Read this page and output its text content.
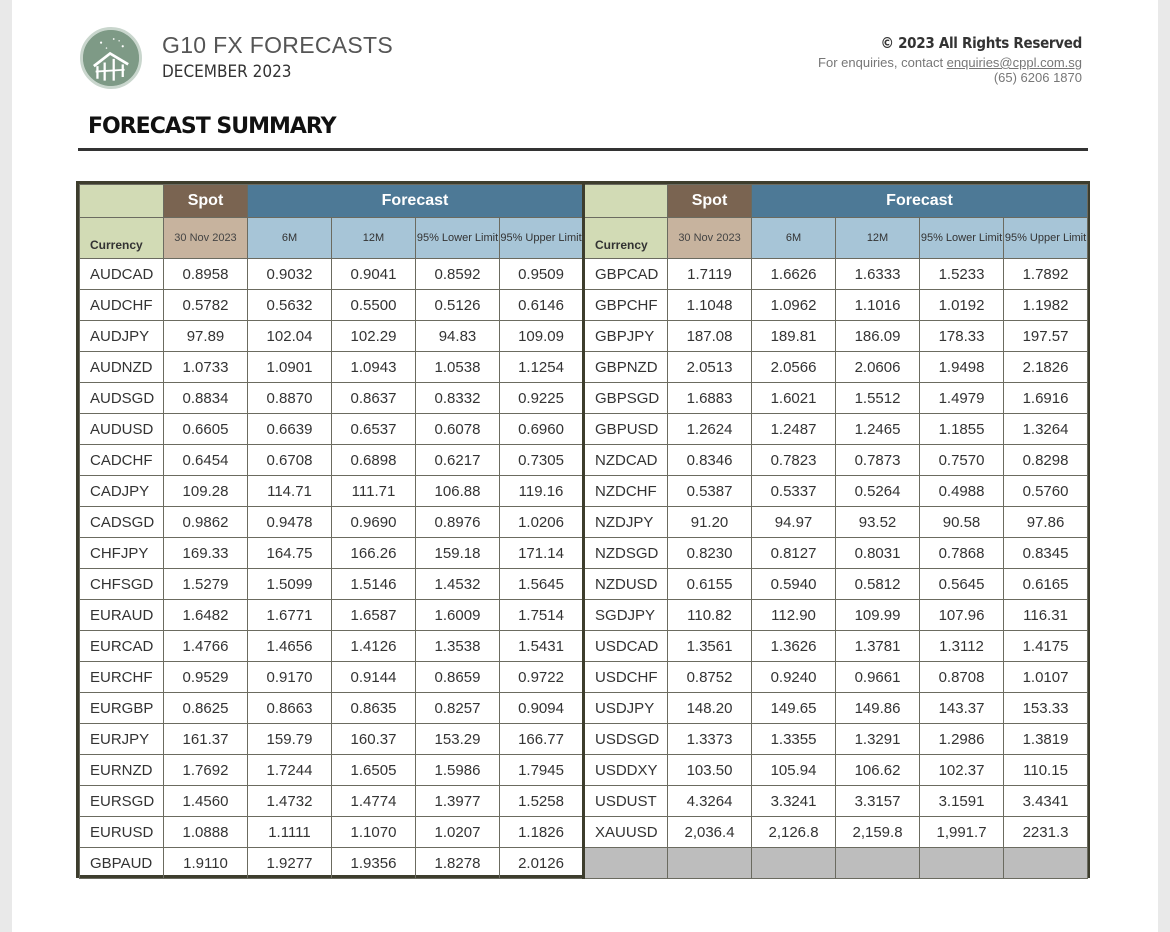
G10 FX FORECASTS
DECEMBER 2023
© 2023 All Rights Reserved
For enquiries, contact enquiries@cppl.com.sg
(65) 6206 1870
FORECAST SUMMARY
	Spot	Forecast					Spot	Forecast			
Currency	30 Nov 2023	6M	12M	95% Lower Limit	95% Upper Limit	Currency	30 Nov 2023	6M	12M	95% Lower Limit	95% Upper Limit
AUDCAD	0.8958	0.9032	0.9041	0.8592	0.9509	GBPCAD	1.7119	1.6626	1.6333	1.5233	1.7892
AUDCHF	0.5782	0.5632	0.5500	0.5126	0.6146	GBPCHF	1.1048	1.0962	1.1016	1.0192	1.1982
AUDJPY	97.89	102.04	102.29	94.83	109.09	GBPJPY	187.08	189.81	186.09	178.33	197.57
AUDNZD	1.0733	1.0901	1.0943	1.0538	1.1254	GBPNZD	2.0513	2.0566	2.0606	1.9498	2.1826
AUDSGD	0.8834	0.8870	0.8637	0.8332	0.9225	GBPSGD	1.6883	1.6021	1.5512	1.4979	1.6916
AUDUSD	0.6605	0.6639	0.6537	0.6078	0.6960	GBPUSD	1.2624	1.2487	1.2465	1.1855	1.3264
CADCHF	0.6454	0.6708	0.6898	0.6217	0.7305	NZDCAD	0.8346	0.7823	0.7873	0.7570	0.8298
CADJPY	109.28	114.71	111.71	106.88	119.16	NZDCHF	0.5387	0.5337	0.5264	0.4988	0.5760
CADSGD	0.9862	0.9478	0.9690	0.8976	1.0206	NZDJPY	91.20	94.97	93.52	90.58	97.86
CHFJPY	169.33	164.75	166.26	159.18	171.14	NZDSGD	0.8230	0.8127	0.8031	0.7868	0.8345
CHFSGD	1.5279	1.5099	1.5146	1.4532	1.5645	NZDUSD	0.6155	0.5940	0.5812	0.5645	0.6165
EURAUD	1.6482	1.6771	1.6587	1.6009	1.7514	SGDJPY	110.82	112.90	109.99	107.96	116.31
EURCAD	1.4766	1.4656	1.4126	1.3538	1.5431	USDCAD	1.3561	1.3626	1.3781	1.3112	1.4175
EURCHF	0.9529	0.9170	0.9144	0.8659	0.9722	USDCHF	0.8752	0.9240	0.9661	0.8708	1.0107
EURGBP	0.8625	0.8663	0.8635	0.8257	0.9094	USDJPY	148.20	149.65	149.86	143.37	153.33
EURJPY	161.37	159.79	160.37	153.29	166.77	USDSGD	1.3373	1.3355	1.3291	1.2986	1.3819
EURNZD	1.7692	1.7244	1.6505	1.5986	1.7945	USDDXY	103.50	105.94	106.62	102.37	110.15
EURSGD	1.4560	1.4732	1.4774	1.3977	1.5258	USDUST	4.3264	3.3241	3.3157	3.1591	3.4341
EURUSD	1.0888	1.1111	1.1070	1.0207	1.1826	XAUUSD	2,036.4	2,126.8	2,159.8	1,991.7	2231.3
GBPAUD	1.9110	1.9277	1.9356	1.8278	2.0126						
